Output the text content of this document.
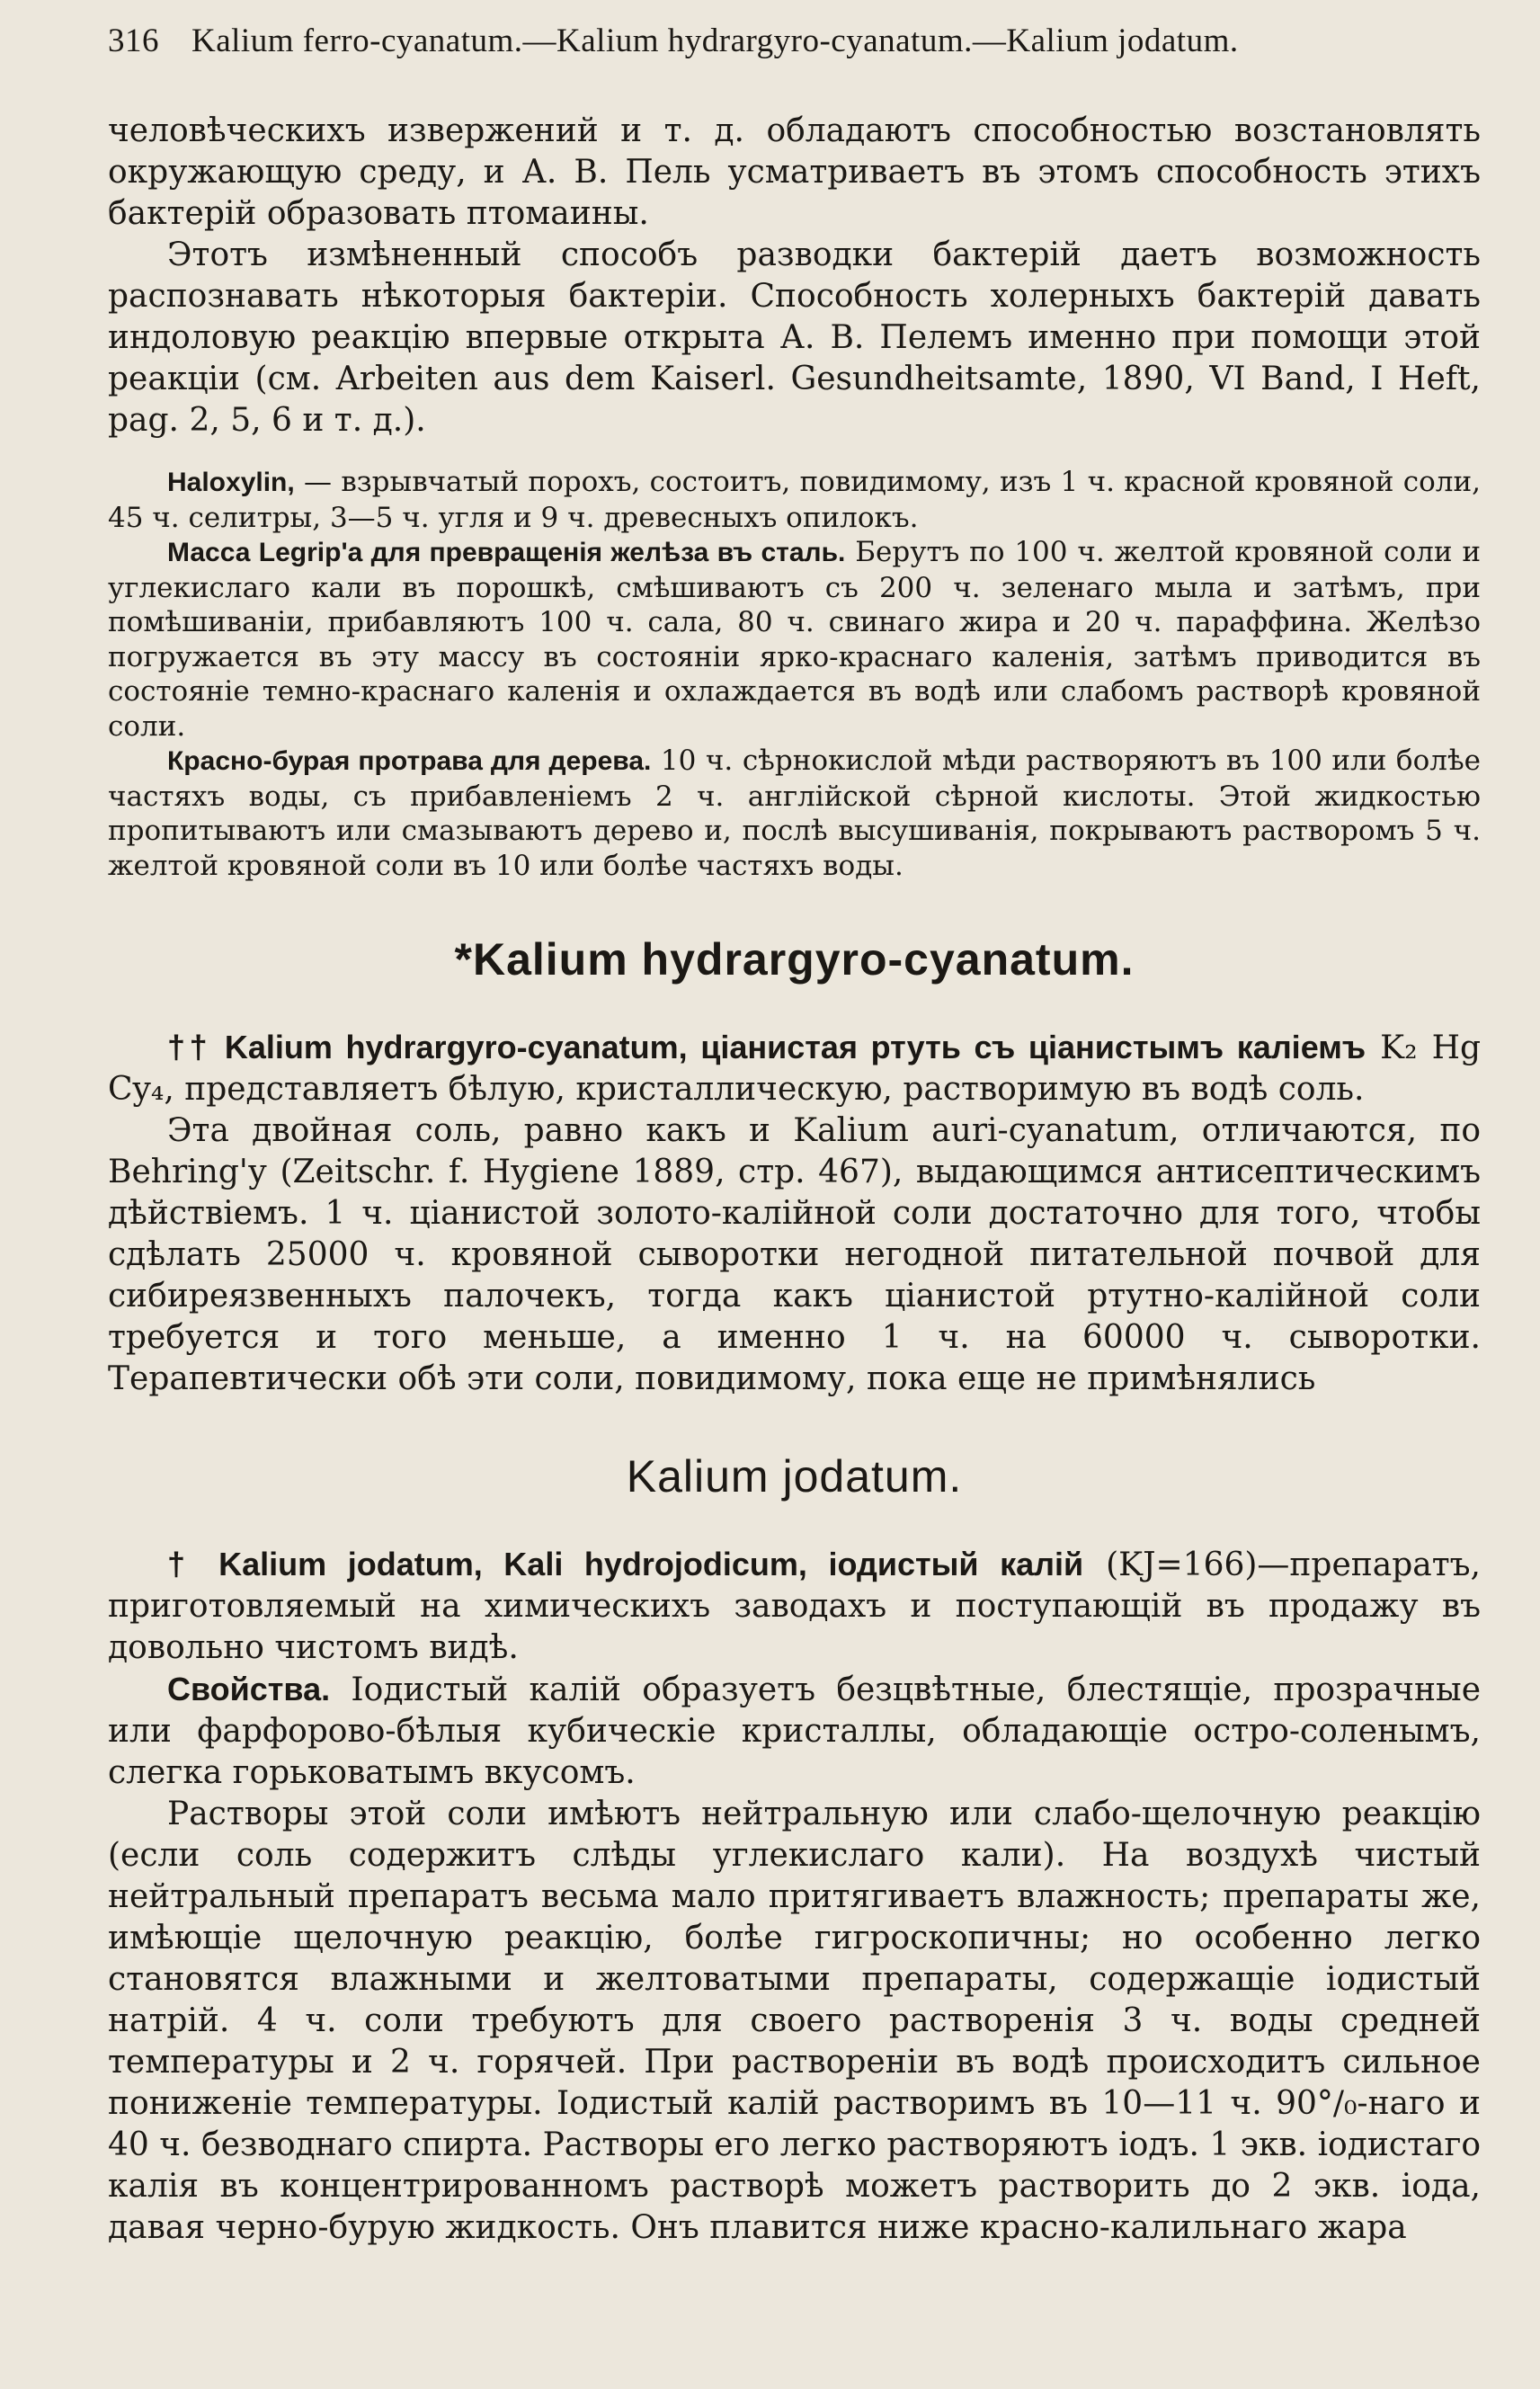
316 Kalium ferro-cyanatum.—Kalium hydrargyro-cyanatum.—Kalium jodatum.

человѣческихъ извержений и т. д. обладаютъ способностью возстановлять окружающую среду, и А. В. Пель усматриваетъ въ этомъ способность этихъ бактерій образовать птомаины.

Этотъ измѣненный способъ разводки бактерій даетъ возможность распознавать нѣкоторыя бактеріи. Способность холерныхъ бактерій давать индоловую реакцію впервые открыта А. В. Пелемъ именно при помощи этой реакціи (см. Arbeiten aus dem Kaiserl. Gesundheitsamte, 1890, VI Band, I Heft, pag. 2, 5, 6 и т. д.).

Haloxylin, — взрывчатый порохъ, состоитъ, повидимому, изъ 1 ч. красной кровяной соли, 45 ч. селитры, 3—5 ч. угля и 9 ч. древесныхъ опилокъ.

Масса Legrip'a для превращенія желѣза въ сталь. Берутъ по 100 ч. желтой кровяной соли и углекислаго кали въ порошкѣ, смѣшиваютъ съ 200 ч. зеленаго мыла и затѣмъ, при помѣшиваніи, прибавляютъ 100 ч. сала, 80 ч. свинаго жира и 20 ч. параффина. Желѣзо погружается въ эту массу въ состояніи ярко-краснаго каленія, затѣмъ приводится въ состояніе темно-краснаго каленія и охлаждается въ водѣ или слабомъ растворѣ кровяной соли.

Красно-бурая протрава для дерева. 10 ч. сѣрнокислой мѣди растворяютъ въ 100 или болѣе частяхъ воды, съ прибавленіемъ 2 ч. англійской сѣрной кислоты. Этой жидкостью пропитываютъ или смазываютъ дерево и, послѣ высушиванія, покрываютъ растворомъ 5 ч. желтой кровяной соли въ 10 или болѣе частяхъ воды.

*Kalium hydrargyro-cyanatum.

†† Kalium hydrargyro-cyanatum, ціанистая ртуть съ ціанистымъ каліемъ K₂ Hg Cy₄, представляетъ бѣлую, кристаллическую, растворимую въ водѣ соль.

Эта двойная соль, равно какъ и Kalium auri-cyanatum, отличаются, по Behring'у (Zeitschr. f. Hygiene 1889, стр. 467), выдающимся антисептическимъ дѣйствіемъ. 1 ч. ціанистой золото-калійной соли достаточно для того, чтобы сдѣлать 25000 ч. кровяной сыворотки негодной питательной почвой для сибиреязвенныхъ палочекъ, тогда какъ ціанистой ртутно-калійной соли требуется и того меньше, а именно 1 ч. на 60000 ч. сыворотки. Терапевтически обѣ эти соли, повидимому, пока еще не примѣнялись

Kalium jodatum.

† Kalium jodatum, Kali hydrojodicum, іодистый калій (KJ=166)—препаратъ, приготовляемый на химическихъ заводахъ и поступающій въ продажу въ довольно чистомъ видѣ.

Свойства. Іодистый калій образуетъ безцвѣтные, блестящіе, прозрачные или фарфорово-бѣлыя кубическіе кристаллы, обладающіе остро-соленымъ, слегка горьковатымъ вкусомъ.

Растворы этой соли имѣютъ нейтральную или слабо-щелочную реакцію (если соль содержитъ слѣды углекислаго кали). На воздухѣ чистый нейтральный препаратъ весьма мало притягиваетъ влажность; препараты же, имѣющіе щелочную реакцію, болѣе гигроскопичны; но особенно легко становятся влажными и желтоватыми препараты, содержащіе іодистый натрій. 4 ч. соли требуютъ для своего растворенія 3 ч. воды средней температуры и 2 ч. горячей. При раствореніи въ водѣ происходитъ сильное пониженіе температуры. Іодистый калій растворимъ въ 10—11 ч. 90°/₀-наго и 40 ч. безводнаго спирта. Растворы его легко растворяютъ іодъ. 1 экв. іодистаго калія въ концентрированномъ растворѣ можетъ растворить до 2 экв. іода, давая черно-бурую жидкость. Онъ плавится ниже красно-калильнаго жара
